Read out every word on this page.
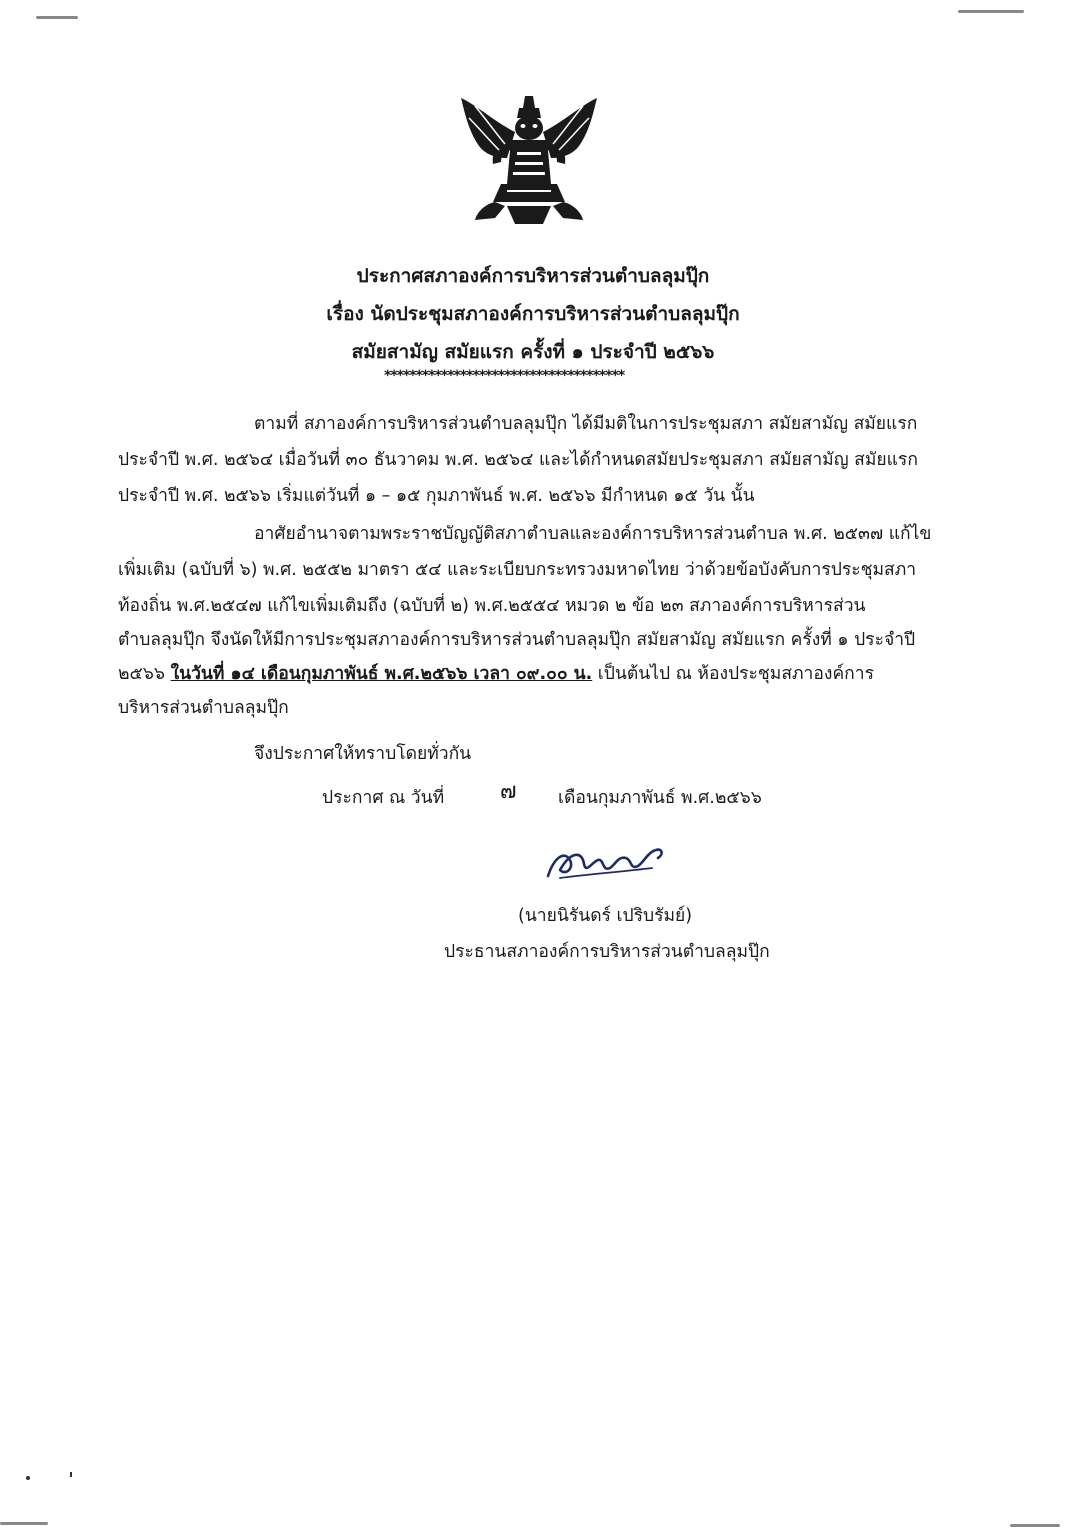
ประกาศสภาองค์การบริหารส่วนตำบลลุมปุ๊ก
เรื่อง นัดประชุมสภาองค์การบริหารส่วนตำบลลุมปุ๊ก
สมัยสามัญ สมัยแรก ครั้งที่ ๑ ประจำปี ๒๕๖๖
**************************************
ตามที่ สภาองค์การบริหารส่วนตำบลลุมปุ๊ก ได้มีมติในการประชุมสภา สมัยสามัญ สมัยแรก
ประจำปี พ.ศ. ๒๕๖๔ เมื่อวันที่ ๓๐ ธันวาคม พ.ศ. ๒๕๖๔ และได้กำหนดสมัยประชุมสภา สมัยสามัญ สมัยแรก
ประจำปี พ.ศ. ๒๕๖๖ เริ่มแต่วันที่ ๑ – ๑๕ กุมภาพันธ์ พ.ศ. ๒๕๖๖ มีกำหนด ๑๕ วัน นั้น
อาศัยอำนาจตามพระราชบัญญัติสภาตำบลและองค์การบริหารส่วนตำบล พ.ศ. ๒๕๓๗ แก้ไข
เพิ่มเติม (ฉบับที่ ๖) พ.ศ. ๒๕๕๒ มาตรา ๕๔ และระเบียบกระทรวงมหาดไทย ว่าด้วยข้อบังคับการประชุมสภา
ท้องถิ่น พ.ศ.๒๕๔๗ แก้ไขเพิ่มเติมถึง (ฉบับที่ ๒) พ.ศ.๒๕๕๔ หมวด ๒ ข้อ ๒๓ สภาองค์การบริหารส่วน
ตำบลลุมปุ๊ก จึงนัดให้มีการประชุมสภาองค์การบริหารส่วนตำบลลุมปุ๊ก สมัยสามัญ สมัยแรก ครั้งที่ ๑ ประจำปี
๒๕๖๖ ในวันที่ ๑๔ เดือนกุมภาพันธ์ พ.ศ.๒๕๖๖ เวลา ๐๙.๐๐ น. เป็นต้นไป ณ ห้องประชุมสภาองค์การ
บริหารส่วนตำบลลุมปุ๊ก
จึงประกาศให้ทราบโดยทั่วกัน
ประกาศ ณ วันที่	๗ เดือนกุมภาพันธ์ พ.ศ.๒๕๖๖
(นายนิรันดร์ เปริบรัมย์)
ประธานสภาองค์การบริหารส่วนตำบลลุมปุ๊ก
